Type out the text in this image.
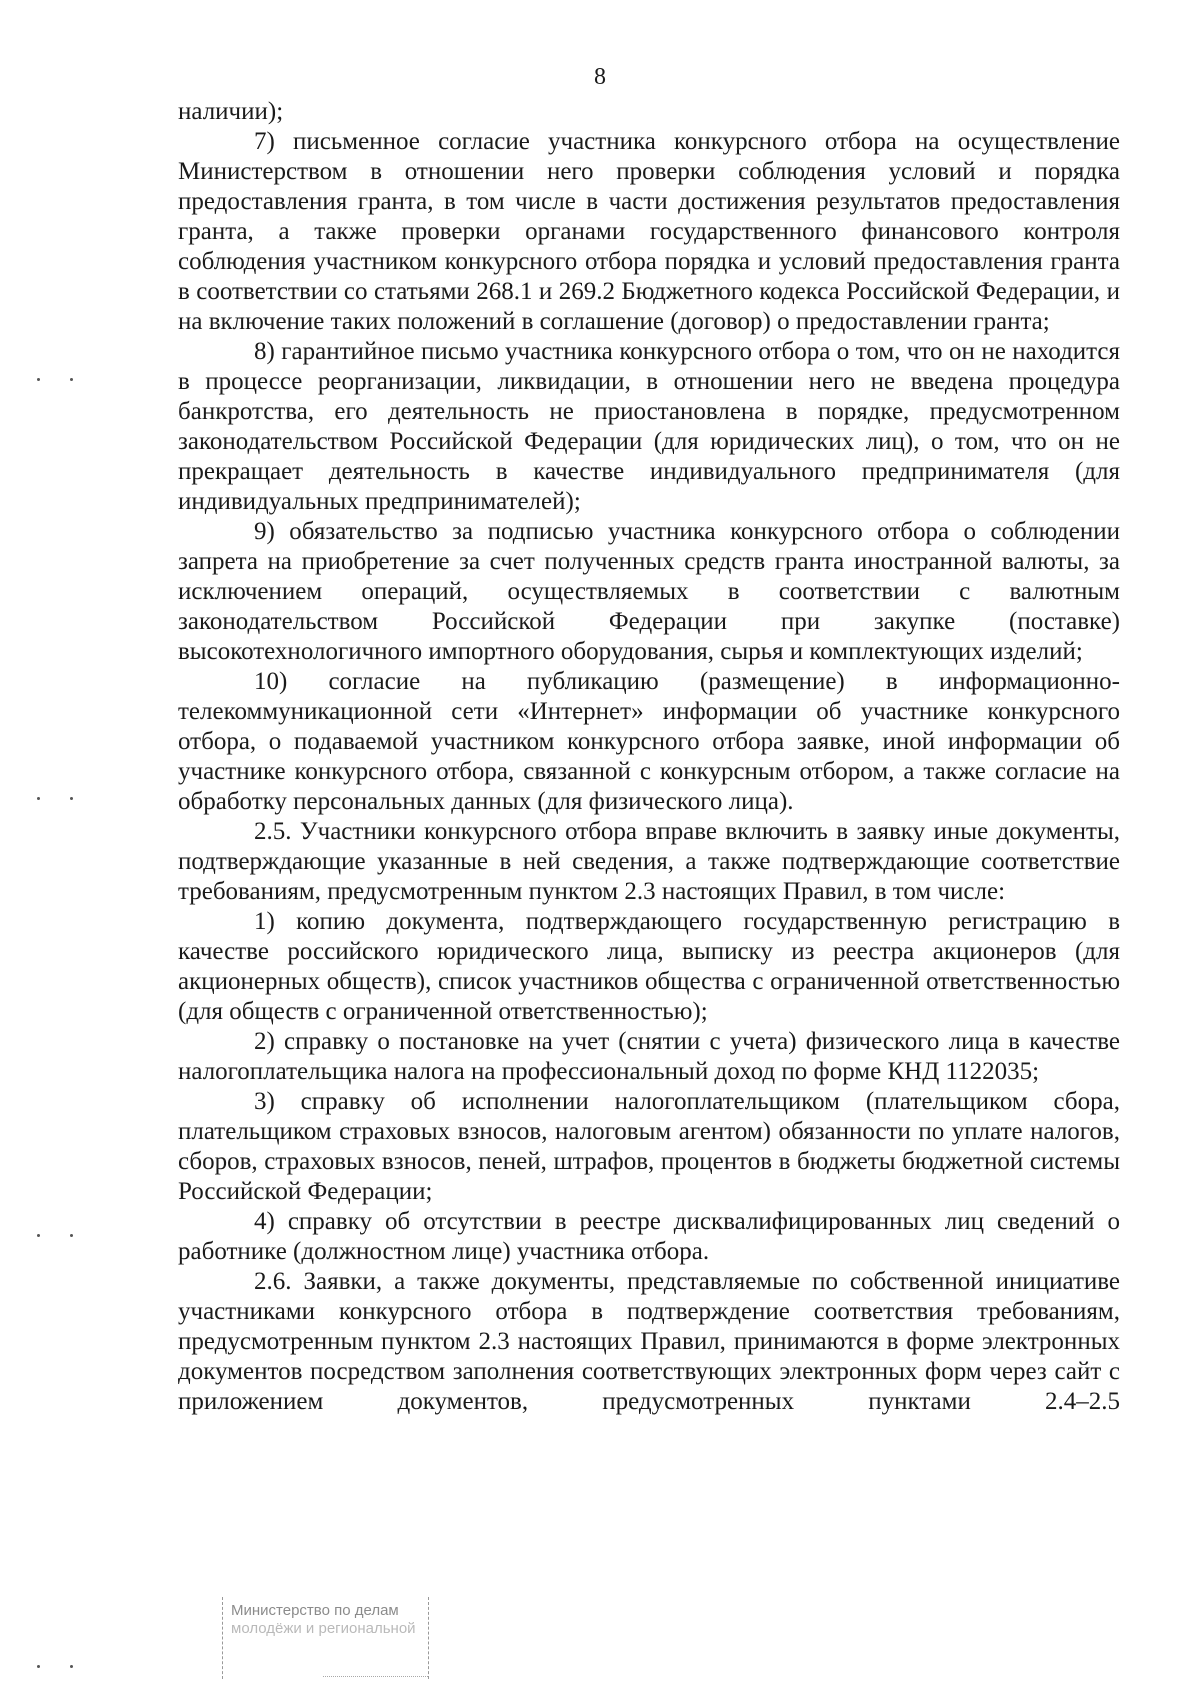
8

наличии);

7) письменное согласие участника конкурсного отбора на осуществление Министерством в отношении него проверки соблюдения условий и порядка предоставления гранта, в том числе в части достижения результатов предоставления гранта, а также проверки органами государственного финансового контроля соблюдения участником конкурсного отбора порядка и условий предоставления гранта в соответствии со статьями 268.1 и 269.2 Бюджетного кодекса Российской Федерации, и на включение таких положений в соглашение (договор) о предоставлении гранта;

8) гарантийное письмо участника конкурсного отбора о том, что он не находится в процессе реорганизации, ликвидации, в отношении него не введена процедура банкротства, его деятельность не приостановлена в порядке, предусмотренном законодательством Российской Федерации (для юридических лиц), о том, что он не прекращает деятельность в качестве индивидуального предпринимателя (для индивидуальных предпринимателей);

9) обязательство за подписью участника конкурсного отбора о соблюдении запрета на приобретение за счет полученных средств гранта иностранной валюты, за исключением операций, осуществляемых в соответствии с валютным законодательством Российской Федерации при закупке (поставке) высокотехнологичного импортного оборудования, сырья и комплектующих изделий;

10) согласие на публикацию (размещение) в информационно-телекоммуникационной сети «Интернет» информации об участнике конкурсного отбора, о подаваемой участником конкурсного отбора заявке, иной информации об участнике конкурсного отбора, связанной с конкурсным отбором, а также согласие на обработку персональных данных (для физического лица).

2.5. Участники конкурсного отбора вправе включить в заявку иные документы, подтверждающие указанные в ней сведения, а также подтверждающие соответствие требованиям, предусмотренным пунктом 2.3 настоящих Правил, в том числе:

1) копию документа, подтверждающего государственную регистрацию в качестве российского юридического лица, выписку из реестра акционеров (для акционерных обществ), список участников общества с ограниченной ответственностью (для обществ с ограниченной ответственностью);

2) справку о постановке на учет (снятии с учета) физического лица в качестве налогоплательщика налога на профессиональный доход по форме КНД 1122035;

3) справку об исполнении налогоплательщиком (плательщиком сбора, плательщиком страховых взносов, налоговым агентом) обязанности по уплате налогов, сборов, страховых взносов, пеней, штрафов, процентов в бюджеты бюджетной системы Российской Федерации;

4) справку об отсутствии в реестре дисквалифицированных лиц сведений о работнике (должностном лице) участника отбора.

2.6. Заявки, а также документы, представляемые по собственной инициативе участниками конкурсного отбора в подтверждение соответствия требованиям, предусмотренным пунктом 2.3 настоящих Правил, принимаются в форме электронных документов посредством заполнения соответствующих электронных форм через сайт с приложением документов, предусмотренных пунктами 2.4–2.5

Министерство по делам
молодёжи и региональной
